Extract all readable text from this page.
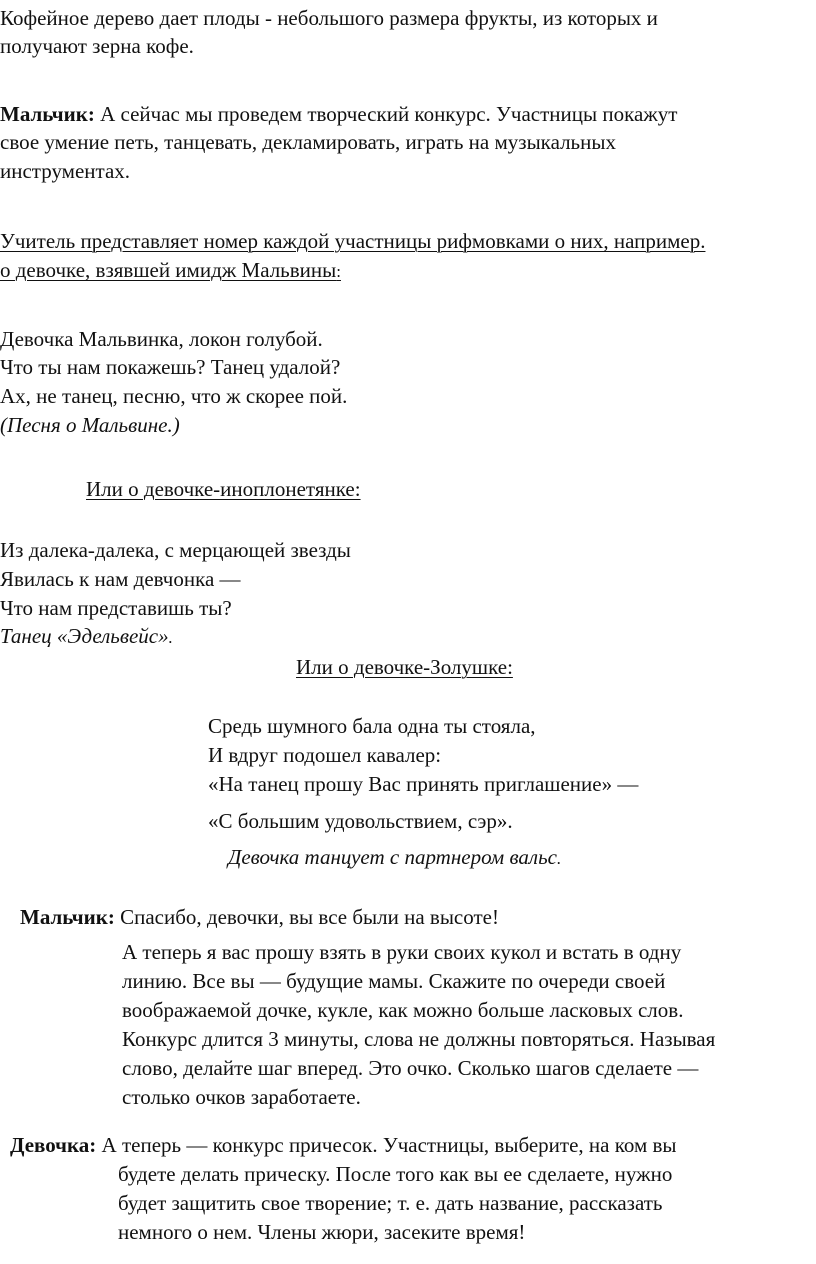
Кофейное дерево дает плоды - небольшого размера фрукты, из которых и
получают зерна кофе.
Мальчик: А сейчас мы проведем творческий конкурс. Участницы покажут
свое умение петь, танцевать, декламировать, играть на музыкальных
инструментах.
Учитель представляет номер каждой участницы рифмовками о них, например.
о девочке, взявшей имидж Мальвины:
Девочка Мальвинка, локон голубой.
Что ты нам покажешь? Танец удалой?
Ах, не танец, песню, что ж скорее пой.
(Песня о Мальвине.)
Или о девочке-иноплонетянке:
Из далека-далека, с мерцающей звезды
Явилась к нам девчонка —
Что нам представишь ты?
Танец «Эдельвейс».
Или о девочке-Золушке:
Средь шумного бала одна ты стояла,
И вдруг подошел кавалер:
«На танец прошу Вас принять приглашение» —
«С большим удовольствием, сэр».
Девочка танцует с партнером вальс.
Мальчик: Спасибо, девочки, вы все были на высоте!
А теперь я вас прошу взять в руки своих кукол и встать в одну
линию. Все вы — будущие мамы. Скажите по очереди своей
воображаемой дочке, кукле, как можно больше ласковых слов.
Конкурс длится 3 минуты, слова не должны повторяться. Называя
слово, делайте шаг вперед. Это очко. Сколько шагов сделаете —
столько очков заработаете.
Девочка: А теперь — конкурс причесок. Участницы, выберите, на ком вы
будете делать прическу. После того как вы ее сделаете, нужно
будет защитить свое творение; т. е. дать название, рассказать
немного о нем. Члены жюри, засеките время!
